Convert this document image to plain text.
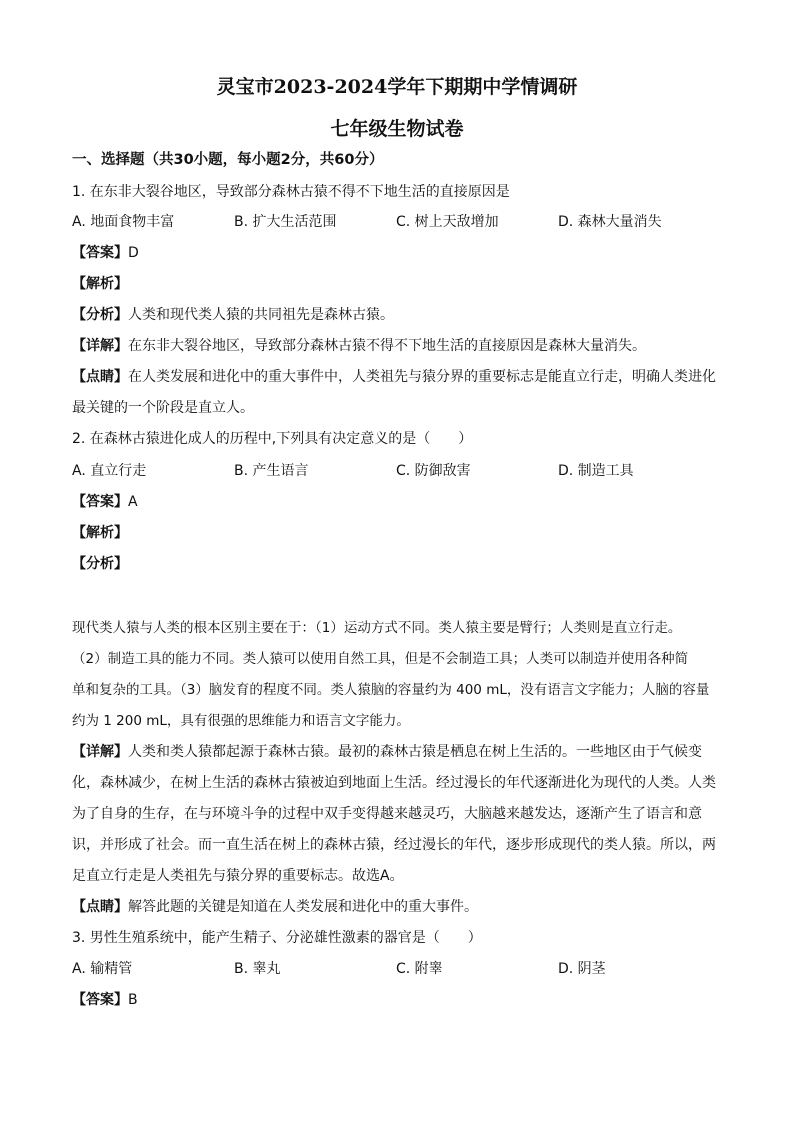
灵宝市2023-2024学年下期期中学情调研
七年级生物试卷
一、选择题（共30小题，每小题2分，共60分）
1. 在东非大裂谷地区，导致部分森林古猿不得不下地生活的直接原因是
A. 地面食物丰富	B. 扩大生活范围	C. 树上天敌增加	D. 森林大量消失
【答案】D
【解析】
【分析】人类和现代类人猿的共同祖先是森林古猿。
【详解】在东非大裂谷地区，导致部分森林古猿不得不下地生活的直接原因是森林大量消失。
【点睛】在人类发展和进化中的重大事件中，人类祖先与猿分界的重要标志是能直立行走，明确人类进化
最关键的一个阶段是直立人。
2. 在森林古猿进化成人的历程中,下列具有决定意义的是（　　）
A. 直立行走	B. 产生语言	C. 防御敌害	D. 制造工具
【答案】A
【解析】
【分析】
现代类人猿与人类的根本区别主要在于：（1）运动方式不同。类人猿主要是臂行；人类则是直立行走。
（2）制造工具的能力不同。类人猿可以使用自然工具，但是不会制造工具；人类可以制造并使用各种简
单和复杂的工具。（3）脑发育的程度不同。类人猿脑的容量约为 400 mL，没有语言文字能力；人脑的容量
约为 1 200 mL，具有很强的思维能力和语言文字能力。
【详解】人类和类人猿都起源于森林古猿。最初的森林古猿是栖息在树上生活的。一些地区由于气候变
化，森林减少，在树上生活的森林古猿被迫到地面上生活。经过漫长的年代逐渐进化为现代的人类。人类
为了自身的生存，在与环境斗争的过程中双手变得越来越灵巧，大脑越来越发达，逐渐产生了语言和意
识，并形成了社会。而一直生活在树上的森林古猿，经过漫长的年代，逐步形成现代的类人猿。所以，两
足直立行走是人类祖先与猿分界的重要标志。故选A。
【点睛】解答此题的关键是知道在人类发展和进化中的重大事件。
3. 男性生殖系统中，能产生精子、分泌雄性激素的器官是（　　）
A. 输精管	B. 睾丸	C. 附睾	D. 阴茎
【答案】B
